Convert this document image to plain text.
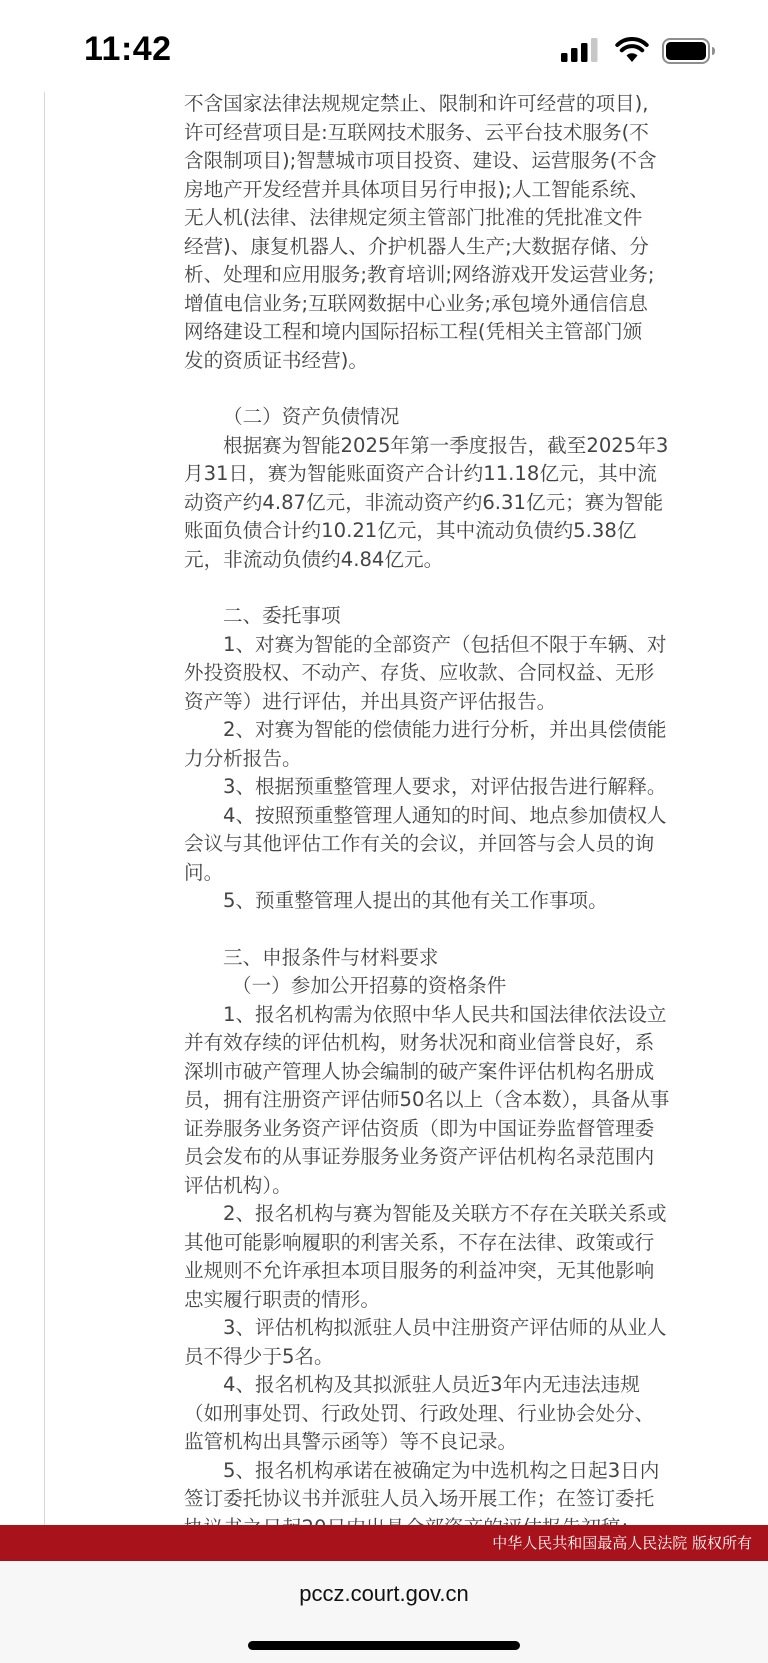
不含国家法律法规规定禁止、限制和许可经营的项目),

许可经营项目是:互联网技术服务、云平台技术服务(不

含限制项目);智慧城市项目投资、建设、运营服务(不含

房地产开发经营并具体项目另行申报);人工智能系统、

无人机(法律、法律规定须主管部门批准的凭批准文件

经营)、康复机器人、介护机器人生产;大数据存储、分

析、处理和应用服务;教育培训;网络游戏开发运营业务;

增值电信业务;互联网数据中心业务;承包境外通信信息

网络建设工程和境内国际招标工程(凭相关主管部门颁

发的资质证书经营)。

（二）资产负债情况

根据赛为智能2025年第一季度报告，截至2025年3月31日，赛为智能账面资产合计约11.18亿元，其中流动资产约4.87亿元，非流动资产约6.31亿元；赛为智能账面负债合计约10.21亿元，其中流动负债约5.38亿元，非流动负债约4.84亿元。

二、委托事项

1、对赛为智能的全部资产（包括但不限于车辆、对外投资股权、不动产、存货、应收款、合同权益、无形资产等）进行评估，并出具资产评估报告。

2、对赛为智能的偿债能力进行分析，并出具偿债能力分析报告。

3、根据预重整管理人要求，对评估报告进行解释。

4、按照预重整管理人通知的时间、地点参加债权人会议与其他评估工作有关的会议，并回答与会人员的询问。

5、预重整管理人提出的其他有关工作事项。

三、申报条件与材料要求

（一）参加公开招募的资格条件

1、报名机构需为依照中华人民共和国法律依法设立并有效存续的评估机构，财务状况和商业信誉良好，系深圳市破产管理人协会编制的破产案件评估机构名册成员，拥有注册资产评估师50名以上（含本数），具备从事证券服务业务资产评估资质（即为中国证券监督管理委员会发布的从事证券服务业务资产评估机构名录范围内评估机构）。

2、报名机构与赛为智能及关联方不存在关联关系或其他可能影响履职的利害关系，不存在法律、政策或行业规则不允许承担本项目服务的利益冲突，无其他影响忠实履行职责的情形。

3、评估机构拟派驻人员中注册资产评估师的从业人员不得少于5名。

4、报名机构及其拟派驻人员近3年内无违法违规（如刑事处罚、行政处罚、行政处理、行业协会处分、监管机构出具警示函等）等不良记录。

5、报名机构承诺在被确定为中选机构之日起3日内签订委托协议书并派驻人员入场开展工作；在签订委托

11:42
中华人民共和国最高人民法院 版权所有
pccz.court.gov.cn
